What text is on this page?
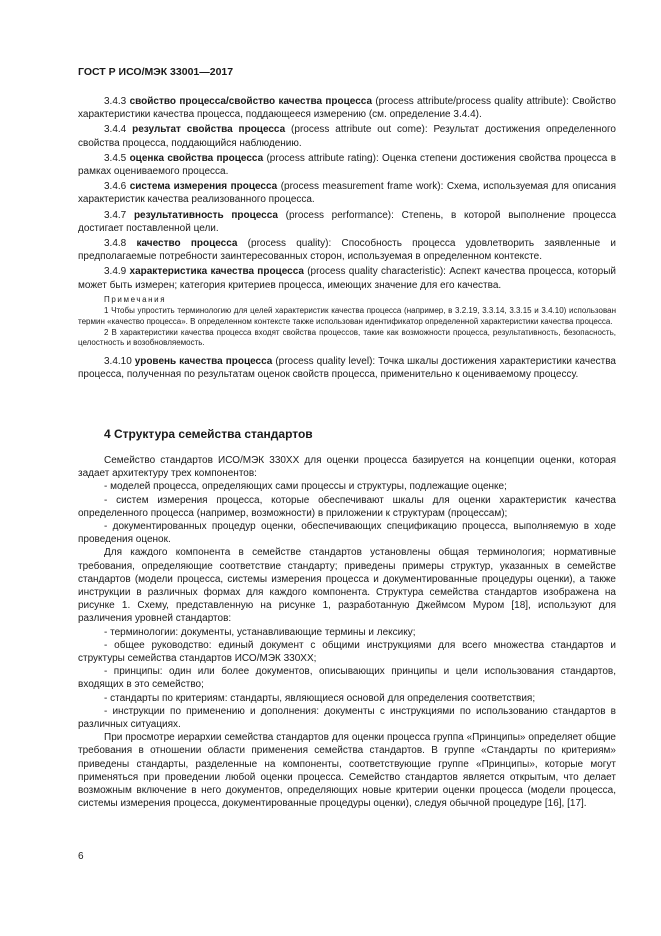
ГОСТ Р ИСО/МЭК 33001—2017

3.4.3 свойство процесса/свойство качества процесса (process attribute/process quality attribute): Свойство характеристики качества процесса, поддающееся измерению (см. определение 3.4.4).

3.4.4 результат свойства процесса (process attribute out come): Результат достижения определенного свойства процесса, поддающийся наблюдению.

3.4.5 оценка свойства процесса (process attribute rating): Оценка степени достижения свойства процесса в рамках оцениваемого процесса.

3.4.6 система измерения процесса (process measurement frame work): Схема, используемая для описания характеристик качества реализованного процесса.

3.4.7 результативность процесса (process performance): Степень, в которой выполнение процесса достигает поставленной цели.

3.4.8 качество процесса (process quality): Способность процесса удовлетворить заявленные и предполагаемые потребности заинтересованных сторон, используемая в определенном контексте.

3.4.9 характеристика качества процесса (process quality characteristic): Аспект качества процесса, который может быть измерен; категория критериев процесса, имеющих значение для его качества.

Примечания

1 Чтобы упростить терминологию для целей характеристик качества процесса (например, в 3.2.19, 3.3.14, 3.3.15 и 3.4.10) использован термин «качество процесса». В определенном контексте также использован идентификатор определенной характеристики качества процесса.

2 В характеристики качества процесса входят свойства процессов, такие как возможности процесса, результативность, безопасность, целостность и возобновляемость.

3.4.10 уровень качества процесса (process quality level): Точка шкалы достижения характеристики качества процесса, полученная по результатам оценок свойств процесса, применительно к оцениваемому процессу.

4 Структура семейства стандартов

Семейство стандартов ИСО/МЭК 330XX для оценки процесса базируется на концепции оценки, которая задает архитектуру трех компонентов:

- моделей процесса, определяющих сами процессы и структуры, подлежащие оценке;

- систем измерения процесса, которые обеспечивают шкалы для оценки характеристик качества определенного процесса (например, возможности) в приложении к структурам (процессам);

- документированных процедур оценки, обеспечивающих спецификацию процесса, выполняемую в ходе проведения оценок.

Для каждого компонента в семействе стандартов установлены общая терминология; нормативные требования, определяющие соответствие стандарту; приведены примеры структур, указанных в семействе стандартов (модели процесса, системы измерения процесса и документированные процедуры оценки), а также инструкции в различных формах для каждого компонента. Структура семейства стандартов изображена на рисунке 1. Схему, представленную на рисунке 1, разработанную Джеймсом Муром [18], используют для различения уровней стандартов:

- терминологии: документы, устанавливающие термины и лексику;

- общее руководство: единый документ с общими инструкциями для всего множества стандартов и структуры семейства стандартов ИСО/МЭК 330XX;

- принципы: один или более документов, описывающих принципы и цели использования стандартов, входящих в это семейство;

- стандарты по критериям: стандарты, являющиеся основой для определения соответствия;

- инструкции по применению и дополнения: документы с инструкциями по использованию стандартов в различных ситуациях.

При просмотре иерархии семейства стандартов для оценки процесса группа «Принципы» определяет общие требования в отношении области применения семейства стандартов. В группе «Стандарты по критериям» приведены стандарты, разделенные на компоненты, соответствующие группе «Принципы», которые могут применяться при проведении любой оценки процесса. Семейство стандартов является открытым, что делает возможным включение в него документов, определяющих новые критерии оценки процесса (модели процесса, системы измерения процесса, документированные процедуры оценки), следуя обычной процедуре [16], [17].

6
